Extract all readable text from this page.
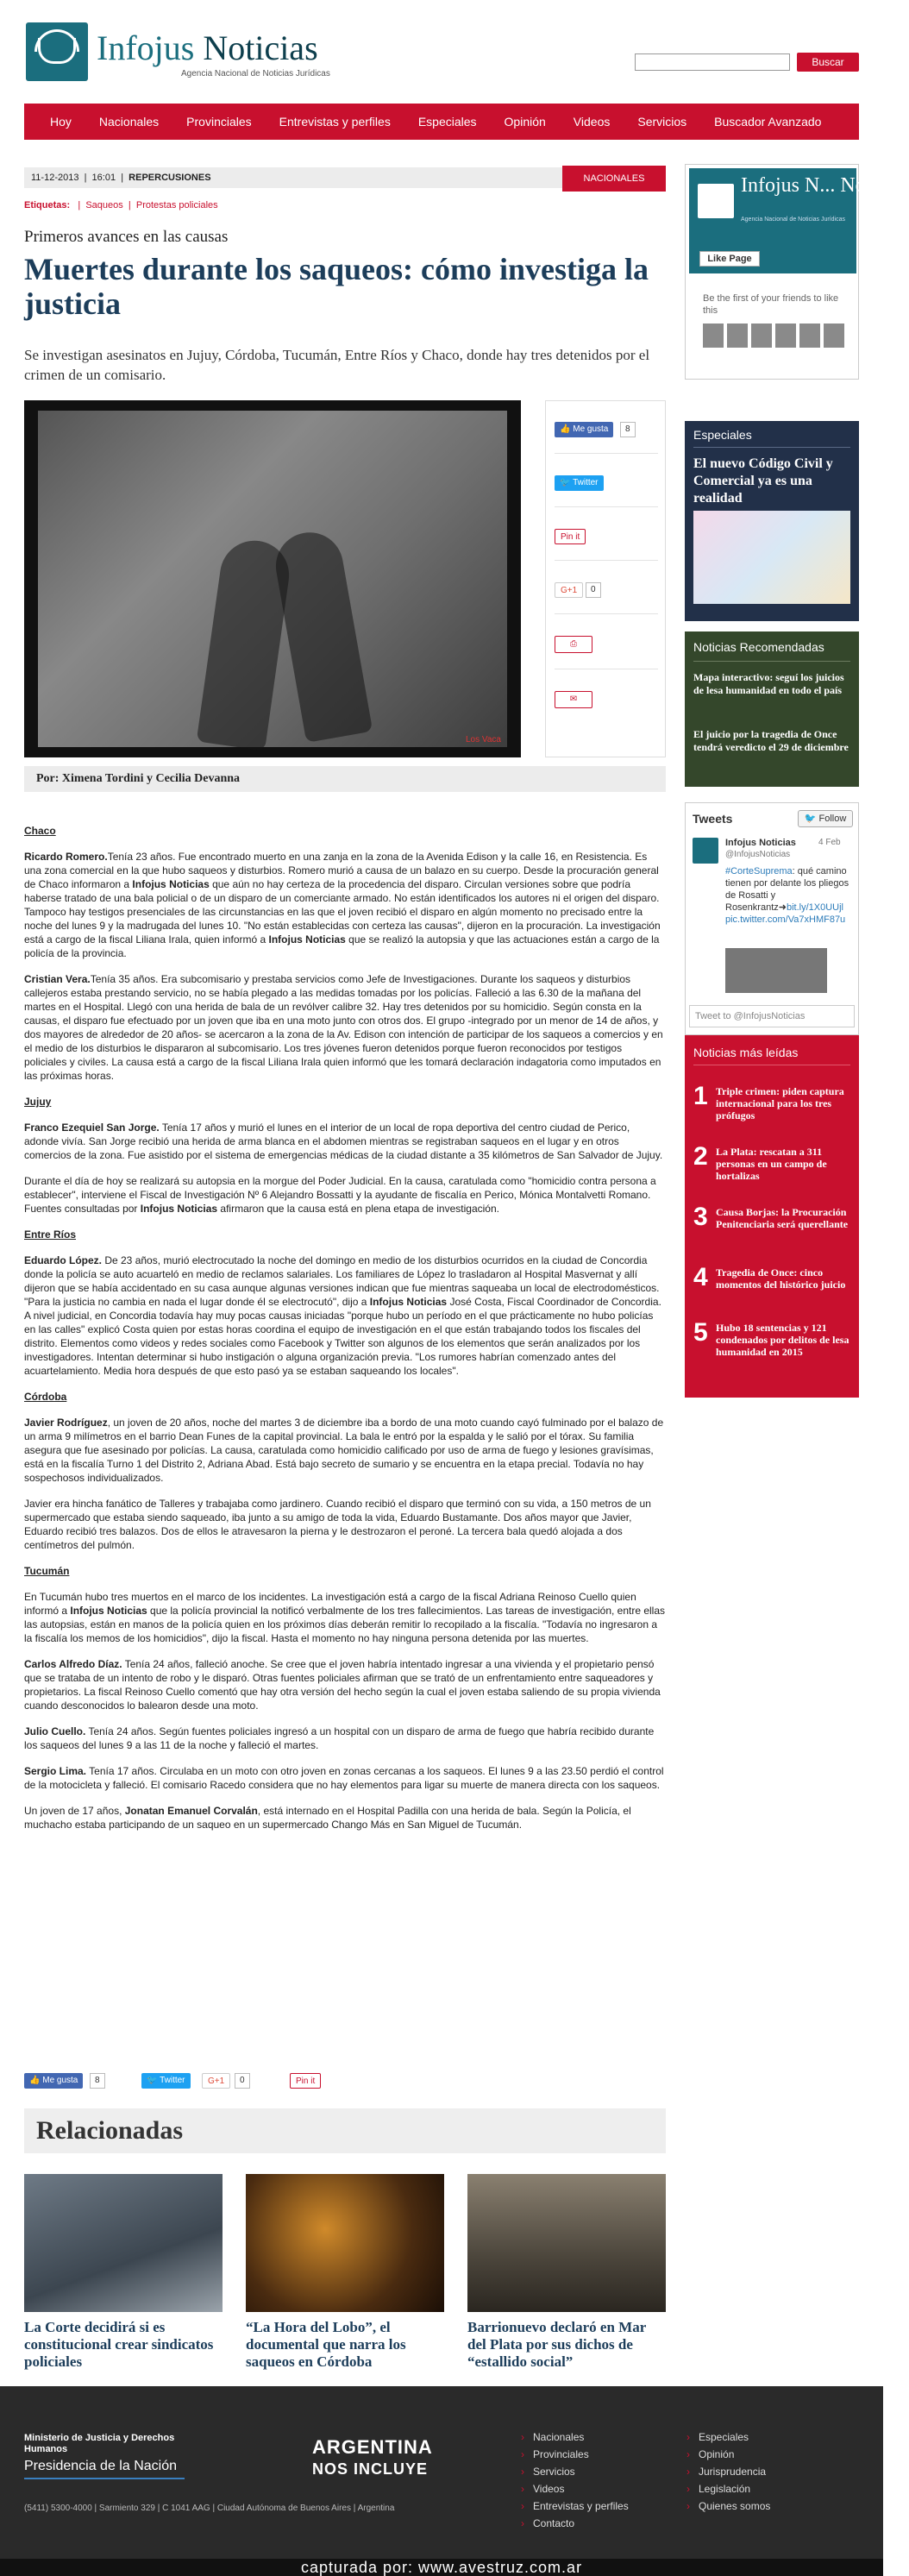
Infojus Noticias
Agencia Nacional de Noticias Jurídicas
Buscar
Hoy	Nacionales	Provinciales	Entrevistas y perfiles	Especiales	Opinión	Videos	Servicios	Buscador Avanzado
11-12-2013  |  16:01  |  REPERCUSIONES	NACIONALES
Etiquetas:   |  Saqueos  |  Protestas policiales
Primeros avances en las causas
Muertes durante los saqueos: cómo investiga la justicia
Se investigan asesinatos en Jujuy, Córdoba, Tucumán, Entre Ríos y Chaco, donde hay tres detenidos por el crimen de un comisario.
Los Vaca
👍 Me gusta	8
🐦 Twitter
Pin it
G+1	0
⎙
✉
Por: Ximena Tordini y Cecilia Devanna
Chaco

Ricardo Romero.Tenía 23 años. Fue encontrado muerto en una zanja en la zona de la Avenida Edison y la calle 16, en Resistencia. Es una zona comercial en la que hubo saqueos y disturbios. Romero murió a causa de un balazo en su cuerpo. Desde la procuración general de Chaco informaron a Infojus Noticias que aún no hay certeza de la procedencia del disparo. Circulan versiones sobre que podría haberse tratado de una bala policial o de un disparo de un comerciante armado. No están identificados los autores ni el origen del disparo. Tampoco hay testigos presenciales de las circunstancias en las que el joven recibió el disparo en algún momento no precisado entre la noche del lunes 9 y la madrugada del lunes 10. "No están establecidas con certeza las causas", dijeron en la procuración. La investigación está a cargo de la fiscal Liliana Irala, quien informó a Infojus Noticias que se realizó la autopsia y que las actuaciones están a cargo de la policía de la provincia.

Cristian Vera.Tenía 35 años. Era subcomisario y prestaba servicios como Jefe de Investigaciones. Durante los saqueos y disturbios callejeros estaba prestando servicio, no se había plegado a las medidas tomadas por los policías. Falleció a las 6.30 de la mañana del martes en el Hospital. Llegó con una herida de bala de un revólver calibre 32. Hay tres detenidos por su homicidio. Según consta en la causas, el disparo fue efectuado por un joven que iba en una moto junto con otros dos. El grupo -integrado por un menor de 14 de años, y dos mayores de alrededor de 20 años- se acercaron a la zona de la Av. Edison con intención de participar de los saqueos a comercios y en el medio de los disturbios le dispararon al subcomisario. Los tres jóvenes fueron detenidos porque fueron reconocidos por testigos policiales y civiles. La causa está a cargo de la fiscal Liliana Irala quien informó que les tomará declaración indagatoria como imputados en las próximas horas.

Jujuy

Franco Ezequiel San Jorge. Tenía 17 años y murió el lunes en el interior de un local de ropa deportiva del centro ciudad de Perico, adonde vivía. San Jorge recibió una herida de arma blanca en el abdomen mientras se registraban saqueos en el lugar y en otros comercios de la zona. Fue asistido por el sistema de emergencias médicas de la ciudad distante a 35 kilómetros de San Salvador de Jujuy.

Durante el día de hoy se realizará su autopsia en la morgue del Poder Judicial. En la causa, caratulada como "homicidio contra persona a establecer", interviene el Fiscal de Investigación Nº 6 Alejandro Bossatti y la ayudante de fiscalía en Perico, Mónica Montalvetti Romano. Fuentes consultadas por Infojus Noticias afirmaron que la causa está en plena etapa de investigación.

Entre Ríos

Eduardo López. De 23 años, murió electrocutado la noche del domingo en medio de los disturbios ocurridos en la ciudad de Concordia donde la policía se auto acuarteló en medio de reclamos salariales. Los familiares de López lo trasladaron al Hospital Masvernat y allí dijeron que se había accidentado en su casa aunque algunas versiones indican que fue mientras saqueaba un local de electrodomésticos. "Para la justicia no cambia en nada el lugar donde él se electrocutó", dijo a Infojus Noticias José Costa, Fiscal Coordinador de Concordia. A nivel judicial, en Concordia todavía hay muy pocas causas iniciadas "porque hubo un período en el que prácticamente no hubo policías en las calles" explicó Costa quien por estas horas coordina el equipo de investigación en el que están trabajando todos los fiscales del distrito. Elementos como videos y redes sociales como Facebook y Twitter son algunos de los elementos que serán analizados por los investigadores. Intentan determinar si hubo instigación o alguna organización previa. "Los rumores habrían comenzado antes del acuartelamiento. Media hora después de que esto pasó ya se estaban saqueando los locales".

Córdoba

Javier Rodríguez, un joven de 20 años, noche del martes 3 de diciembre iba a bordo de una moto cuando cayó fulminado por el balazo de un arma 9 milímetros en el barrio Dean Funes de la capital provincial. La bala le entró por la espalda y le salió por el tórax. Su familia asegura que fue asesinado por policías. La causa, caratulada como homicidio calificado por uso de arma de fuego y lesiones gravísimas, está en la fiscalía Turno 1 del Distrito 2, Adriana Abad. Está bajo secreto de sumario y se encuentra en la etapa precial. Todavía no hay sospechosos individualizados.

Javier era hincha fanático de Talleres y trabajaba como jardinero. Cuando recibió el disparo que terminó con su vida, a 150 metros de un supermercado que estaba siendo saqueado, iba junto a su amigo de toda la vida, Eduardo Bustamante. Dos años mayor que Javier, Eduardo recibió tres balazos. Dos de ellos le atravesaron la pierna y le destrozaron el peroné. La tercera bala quedó alojada a dos centímetros del pulmón.

Tucumán

En Tucumán hubo tres muertos en el marco de los incidentes. La investigación está a cargo de la fiscal Adriana Reinoso Cuello quien informó a Infojus Noticias que la policía provincial la notificó verbalmente de los tres fallecimientos. Las tareas de investigación, entre ellas las autopsias, están en manos de la policía quien en los próximos días deberán remitir lo recopilado a la fiscalía. "Todavía no ingresaron a la fiscalía los memos de los homicidios", dijo la fiscal. Hasta el momento no hay ninguna persona detenida por las muertes.

Carlos Alfredo Díaz. Tenía 24 años, falleció anoche. Se cree que el joven habría intentado ingresar a una vivienda y el propietario pensó que se trataba de un intento de robo y le disparó. Otras fuentes policiales afirman que se trató de un enfrentamiento entre saqueadores y propietarios. La fiscal Reinoso Cuello comentó que hay otra versión del hecho según la cual el joven estaba saliendo de su propia vivienda cuando desconocidos lo balearon desde una moto.

Julio Cuello. Tenía 24 años. Según fuentes policiales ingresó a un hospital con un disparo de arma de fuego que habría recibido durante los saqueos del lunes 9 a las 11 de la noche y falleció el martes.

Sergio Lima. Tenía 17 años. Circulaba en un moto con otro joven en zonas cercanas a los saqueos. El lunes 9 a las 23.50 perdió el control de la motocicleta y falleció. El comisario Racedo considera que no hay elementos para ligar su muerte de manera directa con los saqueos.

Un joven de 17 años, Jonatan Emanuel Corvalán, está internado en el Hospital Padilla con una herida de bala. Según la Policía, el muchacho estaba participando de un saqueo en un supermercado Chango Más en San Miguel de Tucumán.

👍 Me gusta	8	🐦 Twitter	G+1	0	Pin it
Relacionadas
La Corte decidirá si es constitucional crear sindicatos policiales
“La Hora del Lobo”, el documental que narra los saqueos en Córdoba
Barrionuevo declaró en Mar del Plata por sus dichos de “estallido social”
Infojus N... Noticias
Agencia Nacional de Noticias Jurídicas
Like Page
Be the first of your friends to like this
Especiales
El nuevo Código Civil y Comercial ya es una realidad
Noticias Recomendadas
Mapa interactivo: seguí los juicios de lesa humanidad en todo el país
El juicio por la tragedia de Once tendrá veredicto el 29 de diciembre
Tweets	🐦 Follow
Infojus Noticias
@InfojusNoticias
4 Feb
#CorteSuprema: qué camino tienen por delante los pliegos de Rosatti y Rosenkrantz➜bit.ly/1X0UUjl pic.twitter.com/Va7xHMF87u
Tweet to @InfojusNoticias
Noticias más leídas
1 Triple crimen: piden captura internacional para los tres prófugos
2 La Plata: rescatan a 311 personas en un campo de hortalizas
3 Causa Borjas: la Procuración Penitenciaria será querellante
4 Tragedia de Once: cinco momentos del histórico juicio
5 Hubo 18 sentencias y 121 condenados por delitos de lesa humanidad en 2015
Ministerio de Justicia y Derechos Humanos
Presidencia de la Nación
(5411) 5300-4000 | Sarmiento 329 | C 1041 AAG | Ciudad Autónoma de Buenos Aires | Argentina
ARGENTINA
NOS INCLUYE
› Nacionales
› Provinciales
› Servicios
› Videos
› Entrevistas y perfiles
› Contacto
› Especiales
› Opinión
› Jurisprudencia
› Legislación
› Quienes somos
capturada por: www.avestruz.com.ar
